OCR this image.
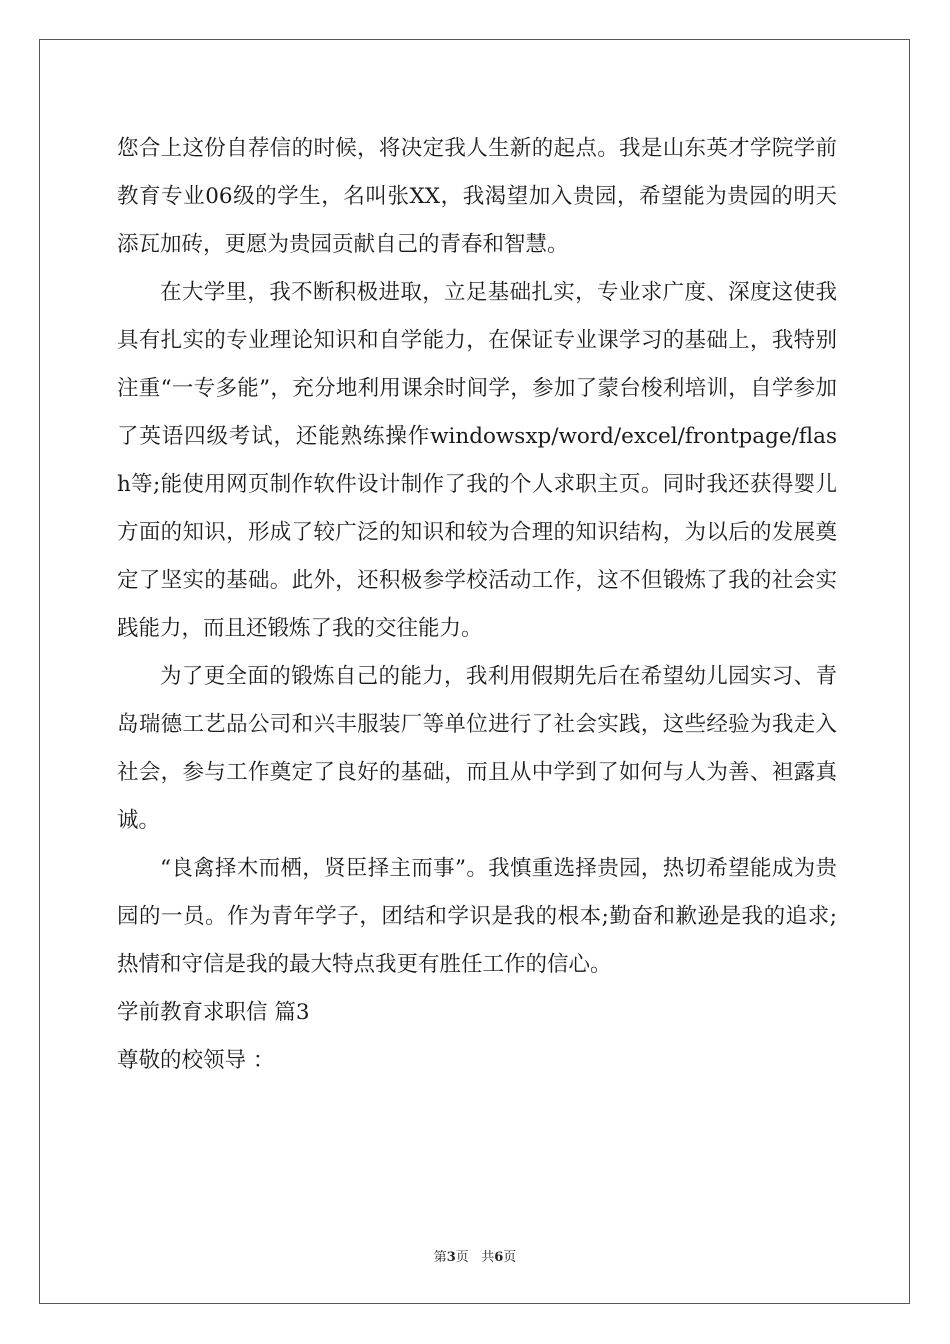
您合上这份自荐信的时候，将决定我人生新的起点。我是山东英才学院学前教育专业06级的学生，名叫张XX，我渴望加入贵园，希望能为贵园的明天添瓦加砖，更愿为贵园贡献自己的青春和智慧。

在大学里，我不断积极进取，立足基础扎实，专业求广度、深度这使我具有扎实的专业理论知识和自学能力，在保证专业课学习的基础上，我特别注重“一专多能”，充分地利用课余时间学，参加了蒙台梭利培训，自学参加了英语四级考试，还能熟练操作windowsxp/word/excel/frontpage/flash等;能使用网页制作软件设计制作了我的个人求职主页。同时我还获得婴儿方面的知识，形成了较广泛的知识和较为合理的知识结构，为以后的发展奠定了坚实的基础。此外，还积极参学校活动工作，这不但锻炼了我的社会实践能力，而且还锻炼了我的交往能力。

为了更全面的锻炼自己的能力，我利用假期先后在希望幼儿园实习、青岛瑞德工艺品公司和兴丰服装厂等单位进行了社会实践，这些经验为我走入社会，参与工作奠定了良好的基础，而且从中学到了如何与人为善、袒露真诚。

“良禽择木而栖，贤臣择主而事”。我慎重选择贵园，热切希望能成为贵园的一员。作为青年学子，团结和学识是我的根本;勤奋和歉逊是我的追求;热情和守信是我的最大特点我更有胜任工作的信心。

学前教育求职信 篇3

尊敬的校领导 ：

第3页 共6页
